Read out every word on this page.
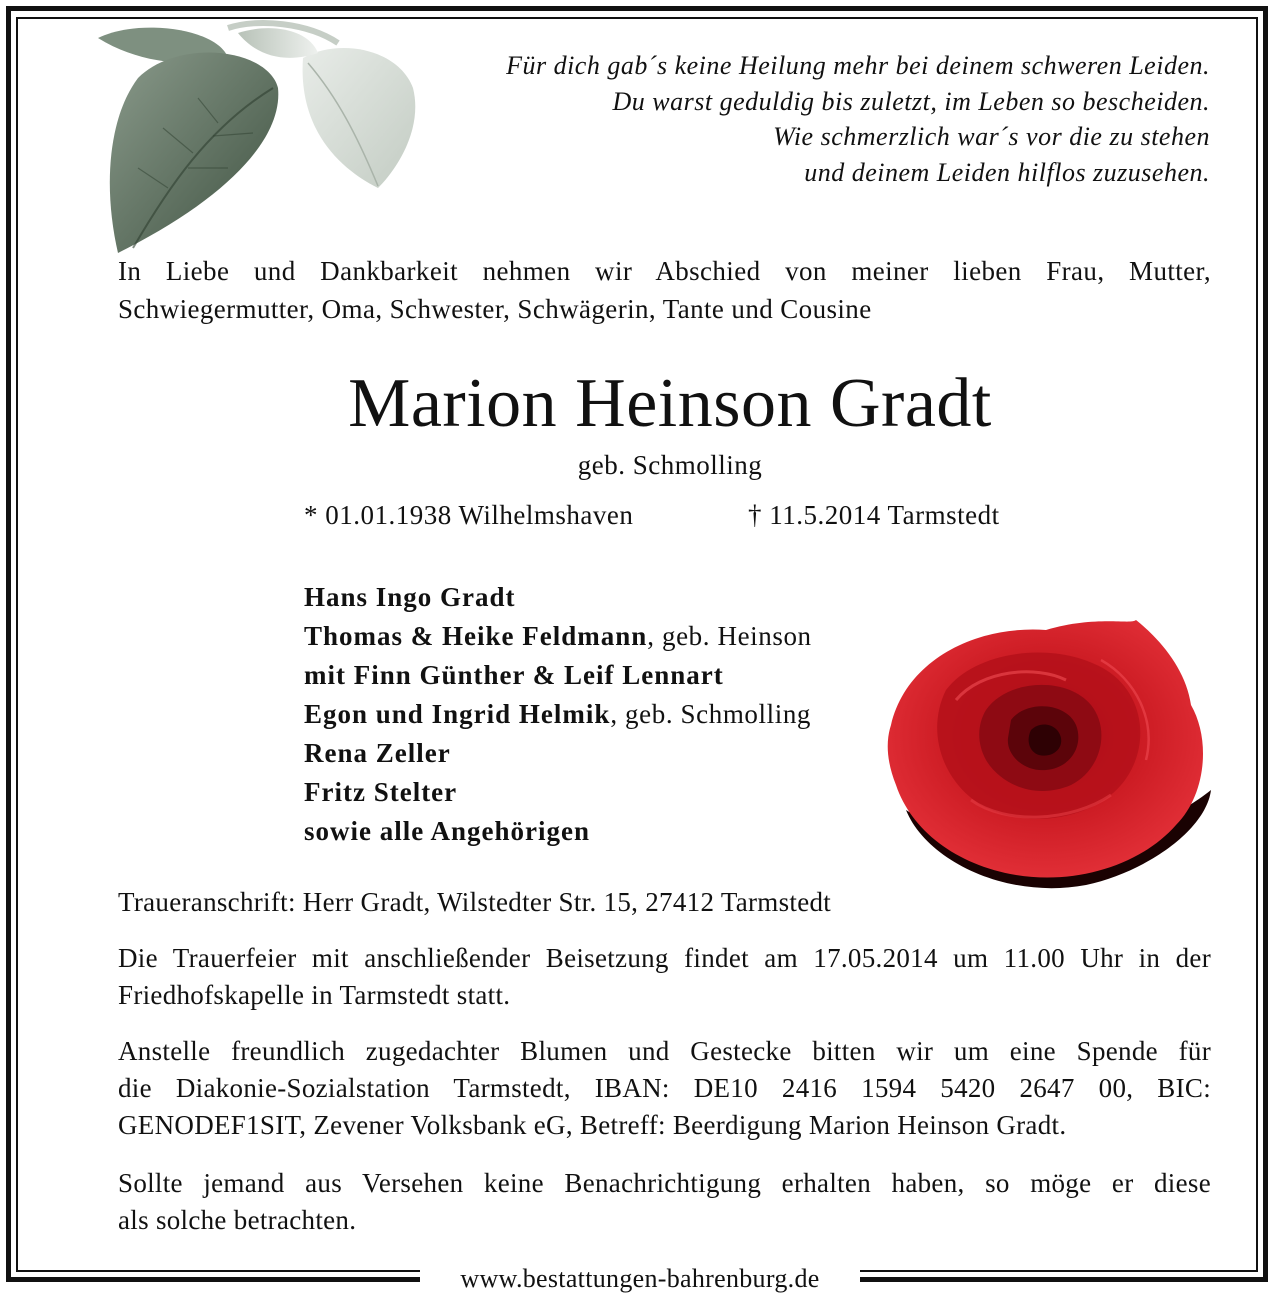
www.bestattungen-bahrenburg.de
Für dich gab´s keine Heilung mehr bei deinem schweren Leiden.
Du warst geduldig bis zuletzt, im Leben so bescheiden.
Wie schmerzlich war´s vor die zu stehen
und deinem Leiden hilflos zuzusehen.
In Liebe und Dankbarkeit nehmen wir Abschied von meiner lieben Frau, Mutter,
Schwiegermutter, Oma, Schwester, Schwägerin, Tante und Cousine
Marion Heinson Gradt
geb. Schmolling
* 01.01.1938 Wilhelmshaven	† 11.5.2014 Tarmstedt
Hans Ingo Gradt
Thomas & Heike Feldmann, geb. Heinson
mit Finn Günther & Leif Lennart
Egon und Ingrid Helmik, geb. Schmolling
Rena Zeller
Fritz Stelter
sowie alle Angehörigen
Traueranschrift: Herr Gradt, Wilstedter Str. 15, 27412 Tarmstedt
Die Trauerfeier mit anschließender Beisetzung findet am 17.05.2014 um 11.00 Uhr in der
Friedhofskapelle in Tarmstedt statt.
Anstelle freundlich zugedachter Blumen und Gestecke bitten wir um eine Spende für
die Diakonie-Sozialstation Tarmstedt, IBAN: DE10 2416 1594 5420 2647 00, BIC:
GENODEF1SIT, Zevener Volksbank eG, Betreff: Beerdigung Marion Heinson Gradt.
Sollte jemand aus Versehen keine Benachrichtigung erhalten haben, so möge er diese
als solche betrachten.
